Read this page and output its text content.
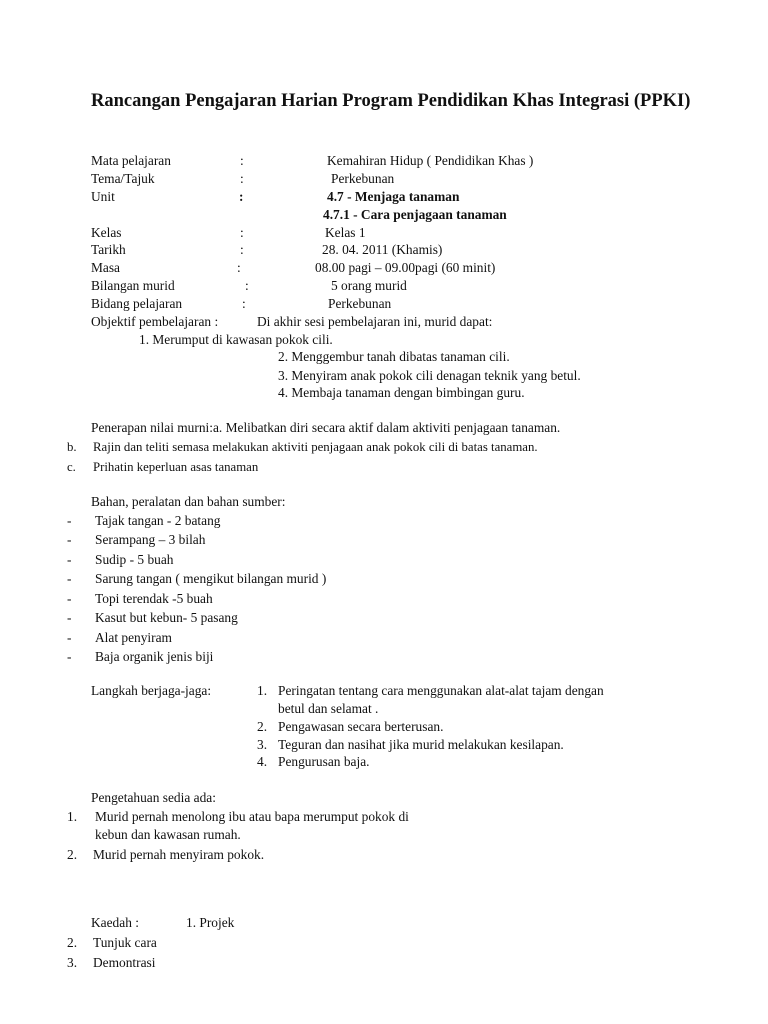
Rancangan Pengajaran Harian Program Pendidikan Khas Integrasi (PPKI)
Mata pelajaran	:	Kemahiran Hidup ( Pendidikan Khas )
Tema/Tajuk	:	Perkebunan
Unit	:	4.7 - Menjaga tanaman
4.7.1 - Cara penjagaan tanaman
Kelas	:	Kelas 1
Tarikh	:	28. 04. 2011 (Khamis)
Masa	:	08.00 pagi – 09.00pagi (60 minit)
Bilangan murid	:	5 orang murid
Bidang pelajaran	:	Perkebunan
Objektif pembelajaran :	Di akhir sesi pembelajaran ini, murid dapat:
1. Merumput di kawasan pokok cili.
2. Menggembur tanah dibatas tanaman cili.
3. Menyiram anak pokok cili denagan teknik yang betul.
4. Membaja tanaman dengan bimbingan guru.
Penerapan nilai murni:a. Melibatkan diri secara aktif dalam aktiviti penjagaan tanaman.
b. Rajin dan teliti semasa melakukan aktiviti penjagaan anak pokok cili di batas tanaman.
c. Prihatin keperluan asas tanaman
Bahan, peralatan dan bahan sumber:
- Tajak tangan - 2 batang
- Serampang – 3 bilah
- Sudip - 5 buah
- Sarung tangan ( mengikut bilangan murid )
- Topi terendak -5 buah
- Kasut but kebun- 5 pasang
- Alat penyiram
- Baja organik jenis biji
Langkah berjaga-jaga:	1. Peringatan tentang cara menggunakan alat-alat tajam dengan
betul dan selamat .
2. Pengawasan secara berterusan.
3. Teguran dan nasihat jika murid melakukan kesilapan.
4. Pengurusan baja.
Pengetahuan sedia ada:
1. Murid pernah menolong ibu atau bapa merumput pokok di
kebun dan kawasan rumah.
2. Murid pernah menyiram pokok.
Kaedah :	1. Projek
2. Tunjuk cara
3. Demontrasi
